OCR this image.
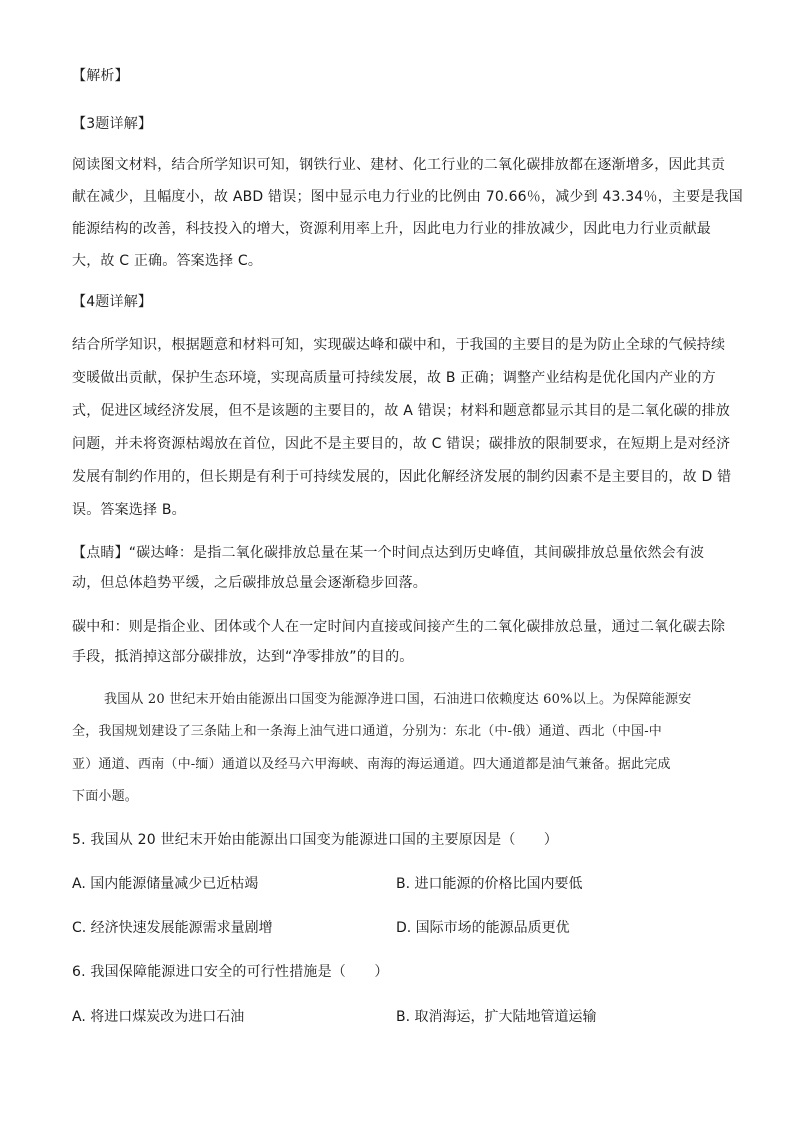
【解析】
【3题详解】
阅读图文材料，结合所学知识可知，钢铁行业、建材、化工行业的二氧化碳排放都在逐渐增多，因此其贡
献在减少，且幅度小，故 ABD 错误；图中显示电力行业的比例由 70.66％，减少到 43.34％，主要是我国
能源结构的改善，科技投入的增大，资源利用率上升，因此电力行业的排放减少，因此电力行业贡献最
大，故 C 正确。答案选择 C。
【4题详解】
结合所学知识，根据题意和材料可知，实现碳达峰和碳中和，于我国的主要目的是为防止全球的气候持续
变暖做出贡献，保护生态环境，实现高质量可持续发展，故 B 正确；调整产业结构是优化国内产业的方
式，促进区域经济发展，但不是该题的主要目的，故 A 错误；材料和题意都显示其目的是二氧化碳的排放
问题，并未将资源枯竭放在首位，因此不是主要目的，故 C 错误；碳排放的限制要求，在短期上是对经济
发展有制约作用的，但长期是有利于可持续发展的，因此化解经济发展的制约因素不是主要目的，故 D 错
误。答案选择 B。
【点睛】“碳达峰：是指二氧化碳排放总量在某一个时间点达到历史峰值，其间碳排放总量依然会有波
动，但总体趋势平缓，之后碳排放总量会逐渐稳步回落。
碳中和：则是指企业、团体或个人在一定时间内直接或间接产生的二氧化碳排放总量，通过二氧化碳去除
手段，抵消掉这部分碳排放，达到“净零排放”的目的。
我国从 20 世纪末开始由能源出口国变为能源净进口国，石油进口依赖度达 60%以上。为保障能源安
全，我国规划建设了三条陆上和一条海上油气进口通道，分别为：东北（中-俄）通道、西北（中国-中
亚）通道、西南（中-缅）通道以及经马六甲海峡、南海的海运通道。四大通道都是油气兼备。据此完成
下面小题。
5. 我国从 20 世纪末开始由能源出口国变为能源进口国的主要原因是（　　）
A. 国内能源储量减少已近枯竭	B. 进口能源的价格比国内要低
C. 经济快速发展能源需求量剧增	D. 国际市场的能源品质更优
6. 我国保障能源进口安全的可行性措施是（　　）
A. 将进口煤炭改为进口石油	B. 取消海运，扩大陆地管道运输
